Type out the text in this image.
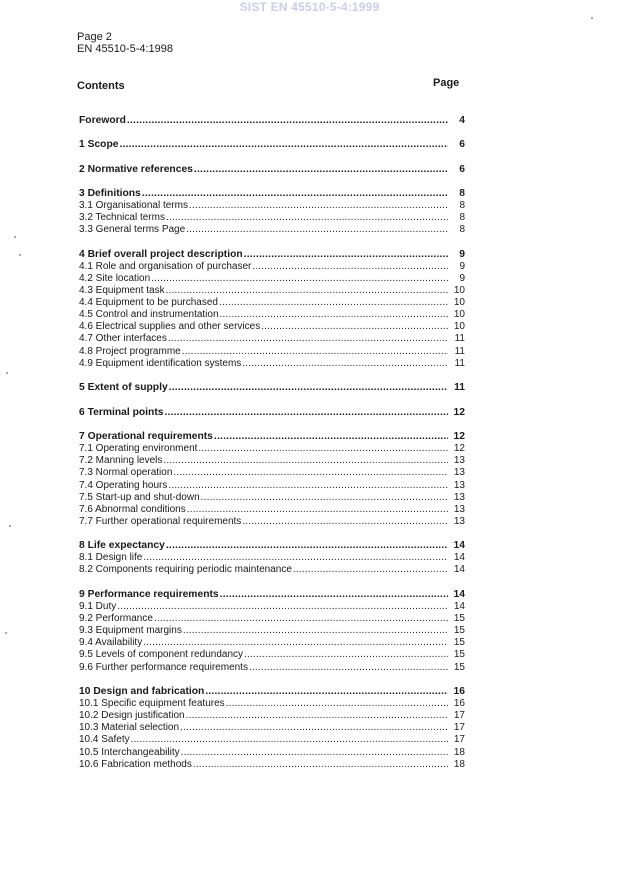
SIST EN 45510-5-4:1999
Page 2
EN 45510-5-4:1998
Contents	Page
Foreword .....	4
1 Scope .....	6
2 Normative references .....	6
3 Definitions .....	8
3.1 Organisational terms .....	8
3.2 Technical terms .....	8
3.3 General terms Page .....	8
4 Brief overall project description .....	9
4.1 Role and organisation of purchaser .....	9
4.2 Site location .....	9
4.3 Equipment task .....	10
4.4 Equipment to be purchased .....	10
4.5 Control and instrumentation .....	10
4.6 Electrical supplies and other services .....	10
4.7 Other interfaces .....	11
4.8 Project programme .....	11
4.9 Equipment identification systems .....	11
5 Extent of supply .....	11
6 Terminal points .....	12
7 Operational requirements .....	12
7.1 Operating environment .....	12
7.2 Manning levels .....	13
7.3 Normal operation .....	13
7.4 Operating hours .....	13
7.5 Start-up and shut-down .....	13
7.6 Abnormal conditions .....	13
7.7 Further operational requirements .....	13
8 Life expectancy .....	14
8.1 Design life .....	14
8.2 Components requiring periodic maintenance .....	14
9 Performance requirements .....	14
9.1 Duty .....	14
9.2 Performance .....	15
9.3 Equipment margins .....	15
9.4 Availability .....	15
9.5 Levels of component redundancy .....	15
9.6 Further performance requirements .....	15
10 Design and fabrication .....	16
10.1 Specific equipment features .....	16
10.2 Design justification .....	17
10.3 Material selection .....	17
10.4 Safety .....	17
10.5 Interchangeability .....	18
10.6 Fabrication methods .....	18
